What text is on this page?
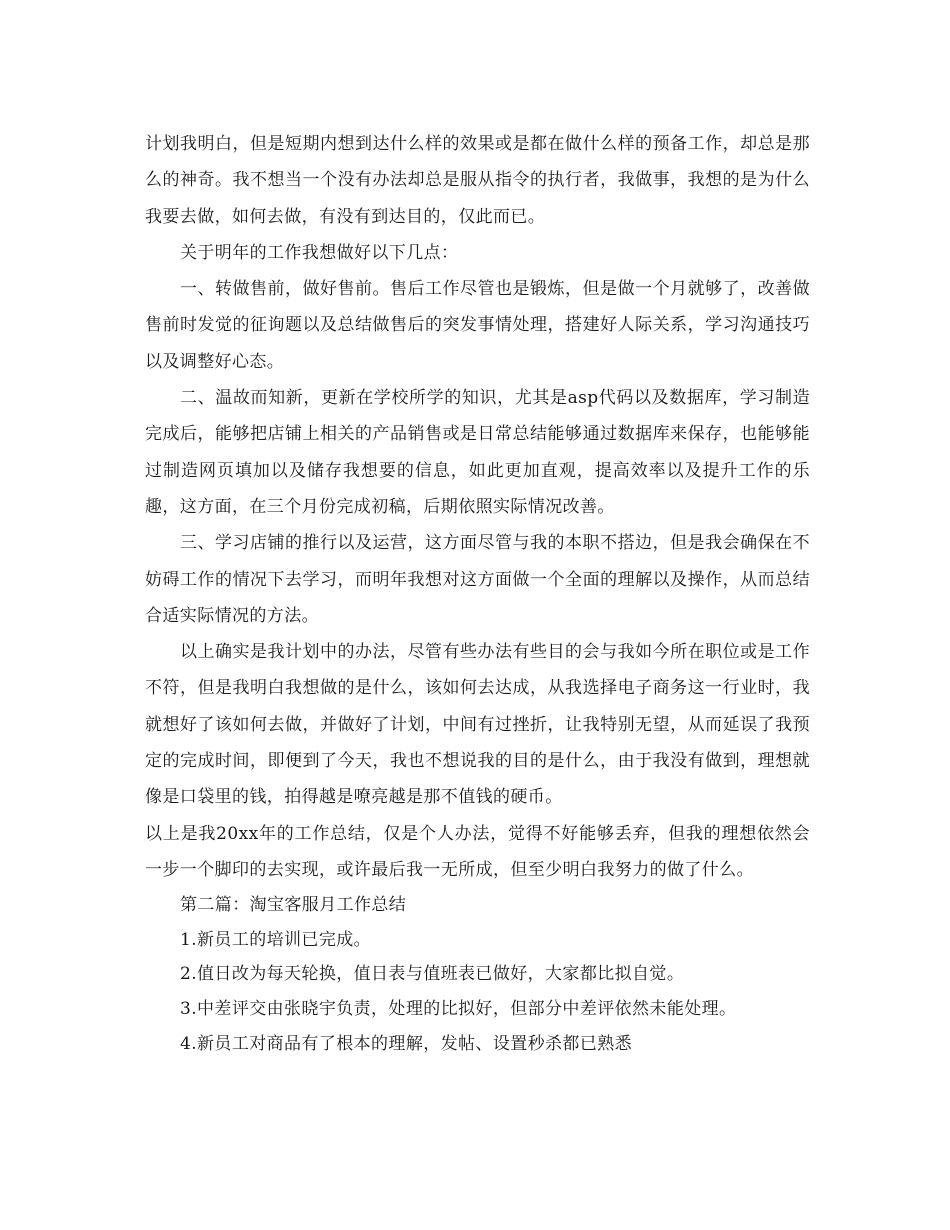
计划我明白，但是短期内想到达什么样的效果或是都在做什么样的预备工作，却总是那么的神奇。我不想当一个没有办法却总是服从指令的执行者，我做事，我想的是为什么我要去做，如何去做，有没有到达目的，仅此而已。

关于明年的工作我想做好以下几点：

一、转做售前，做好售前。售后工作尽管也是锻炼，但是做一个月就够了，改善做售前时发觉的征询题以及总结做售后的突发事情处理，搭建好人际关系，学习沟通技巧以及调整好心态。

二、温故而知新，更新在学校所学的知识，尤其是asp代码以及数据库，学习制造完成后，能够把店铺上相关的产品销售或是日常总结能够通过数据库来保存，也能够能过制造网页填加以及储存我想要的信息，如此更加直观，提高效率以及提升工作的乐趣，这方面，在三个月份完成初稿，后期依照实际情况改善。

三、学习店铺的推行以及运营，这方面尽管与我的本职不搭边，但是我会确保在不妨碍工作的情况下去学习，而明年我想对这方面做一个全面的理解以及操作，从而总结合适实际情况的方法。

以上确实是我计划中的办法，尽管有些办法有些目的会与我如今所在职位或是工作不符，但是我明白我想做的是什么，该如何去达成，从我选择电子商务这一行业时，我就想好了该如何去做，并做好了计划，中间有过挫折，让我特别无望，从而延误了我预定的完成时间，即便到了今天，我也不想说我的目的是什么，由于我没有做到，理想就像是口袋里的钱，拍得越是嘹亮越是那不值钱的硬币。

以上是我20xx年的工作总结，仅是个人办法，觉得不好能够丢弃，但我的理想依然会一步一个脚印的去实现，或许最后我一无所成，但至少明白我努力的做了什么。

第二篇：淘宝客服月工作总结

1.新员工的培训已完成。

2.值日改为每天轮换，值日表与值班表已做好，大家都比拟自觉。

3.中差评交由张晓宇负责，处理的比拟好，但部分中差评依然未能处理。

4.新员工对商品有了根本的理解，发帖、设置秒杀都已熟悉
